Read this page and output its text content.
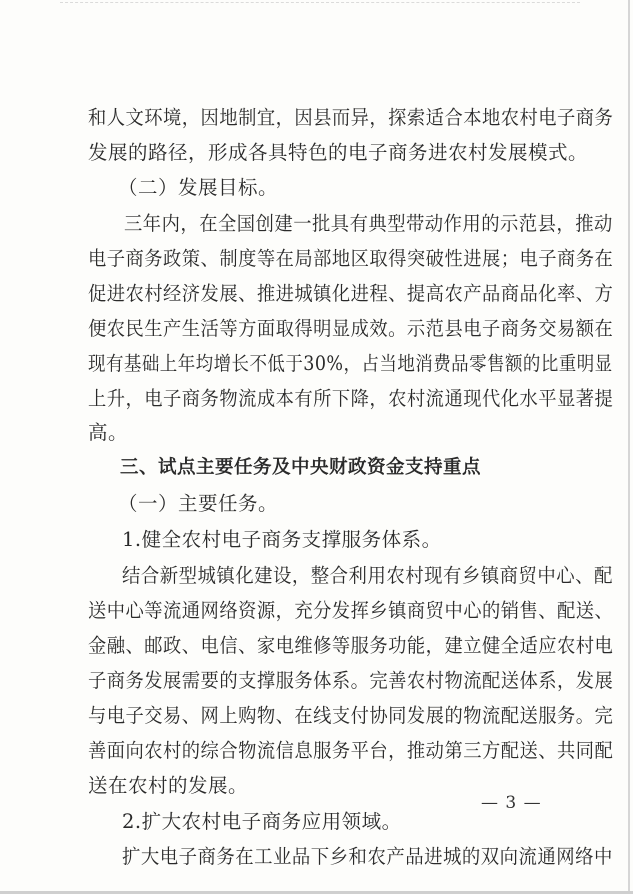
和人文环境，因地制宜，因县而异，探索适合本地农村电子商务
发展的路径，形成各具特色的电子商务进农村发展模式。
（二）发展目标。
三年内，在全国创建一批具有典型带动作用的示范县，推动
电子商务政策、制度等在局部地区取得突破性进展；电子商务在
促进农村经济发展、推进城镇化进程、提高农产品商品化率、方
便农民生产生活等方面取得明显成效。示范县电子商务交易额在
现有基础上年均增长不低于30%，占当地消费品零售额的比重明显
上升，电子商务物流成本有所下降，农村流通现代化水平显著提
高。
三、试点主要任务及中央财政资金支持重点
（一）主要任务。
1.健全农村电子商务支撑服务体系。
结合新型城镇化建设，整合利用农村现有乡镇商贸中心、配
送中心等流通网络资源，充分发挥乡镇商贸中心的销售、配送、
金融、邮政、电信、家电维修等服务功能，建立健全适应农村电
子商务发展需要的支撑服务体系。完善农村物流配送体系，发展
与电子交易、网上购物、在线支付协同发展的物流配送服务。完
善面向农村的综合物流信息服务平台，推动第三方配送、共同配
送在农村的发展。
2.扩大农村电子商务应用领域。
扩大电子商务在工业品下乡和农产品进城的双向流通网络中
— 3 —
